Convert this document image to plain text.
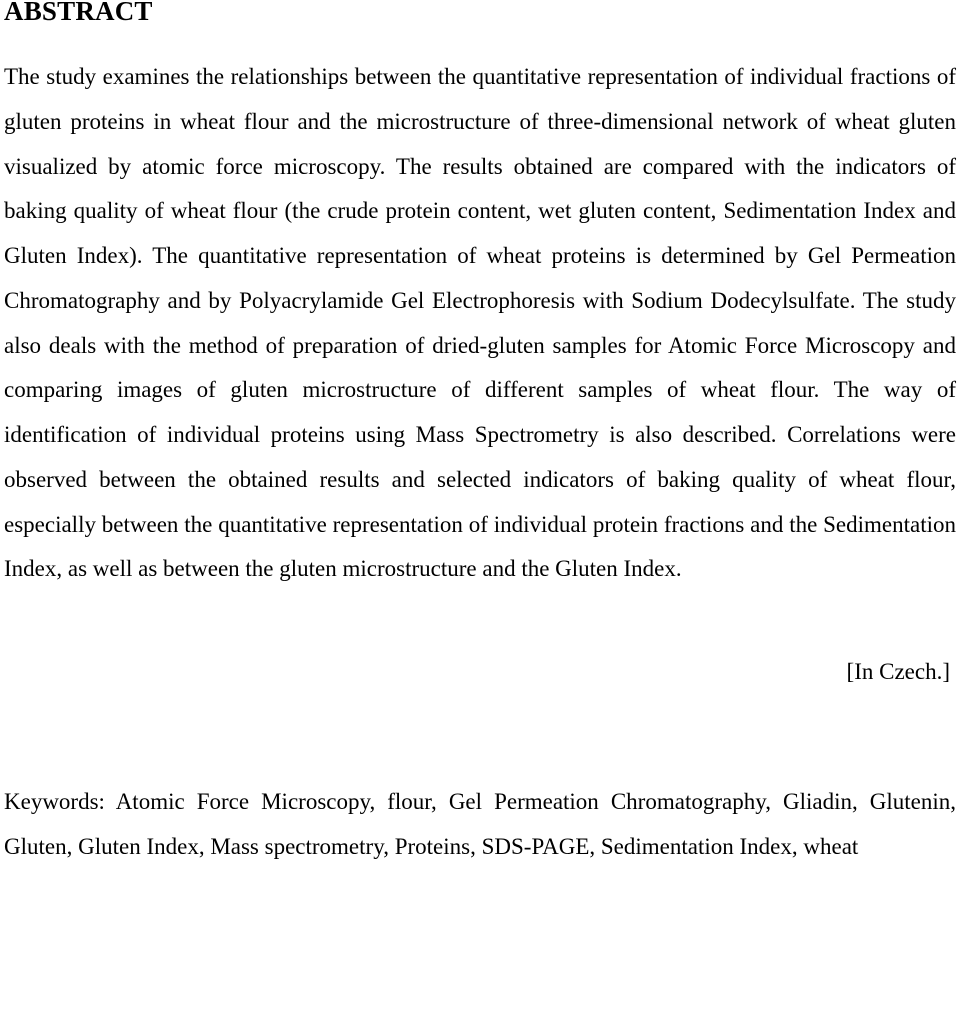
ABSTRACT
The study examines the relationships between the quantitative representation of individual fractions of gluten proteins in wheat flour and the microstructure of three-dimensional network of wheat gluten visualized by atomic force microscopy. The results obtained are compared with the indicators of baking quality of wheat flour (the crude protein content, wet gluten content, Sedimentation Index and Gluten Index). The quantitative representation of wheat proteins is determined by Gel Permeation Chromatography and by Polyacrylamide Gel Electrophoresis with Sodium Dodecylsulfate. The study also deals with the method of preparation of dried-gluten samples for Atomic Force Microscopy and comparing images of gluten microstructure of different samples of wheat flour. The way of identification of individual proteins using Mass Spectrometry is also described. Correlations were observed between the obtained results and selected indicators of baking quality of wheat flour, especially between the quantitative representation of individual protein fractions and the Sedimentation Index, as well as between the gluten microstructure and the Gluten Index.
[In Czech.]
Keywords: Atomic Force Microscopy, flour, Gel Permeation Chromatography, Gliadin, Glutenin, Gluten, Gluten Index, Mass spectrometry, Proteins, SDS-PAGE, Sedimentation Index, wheat
